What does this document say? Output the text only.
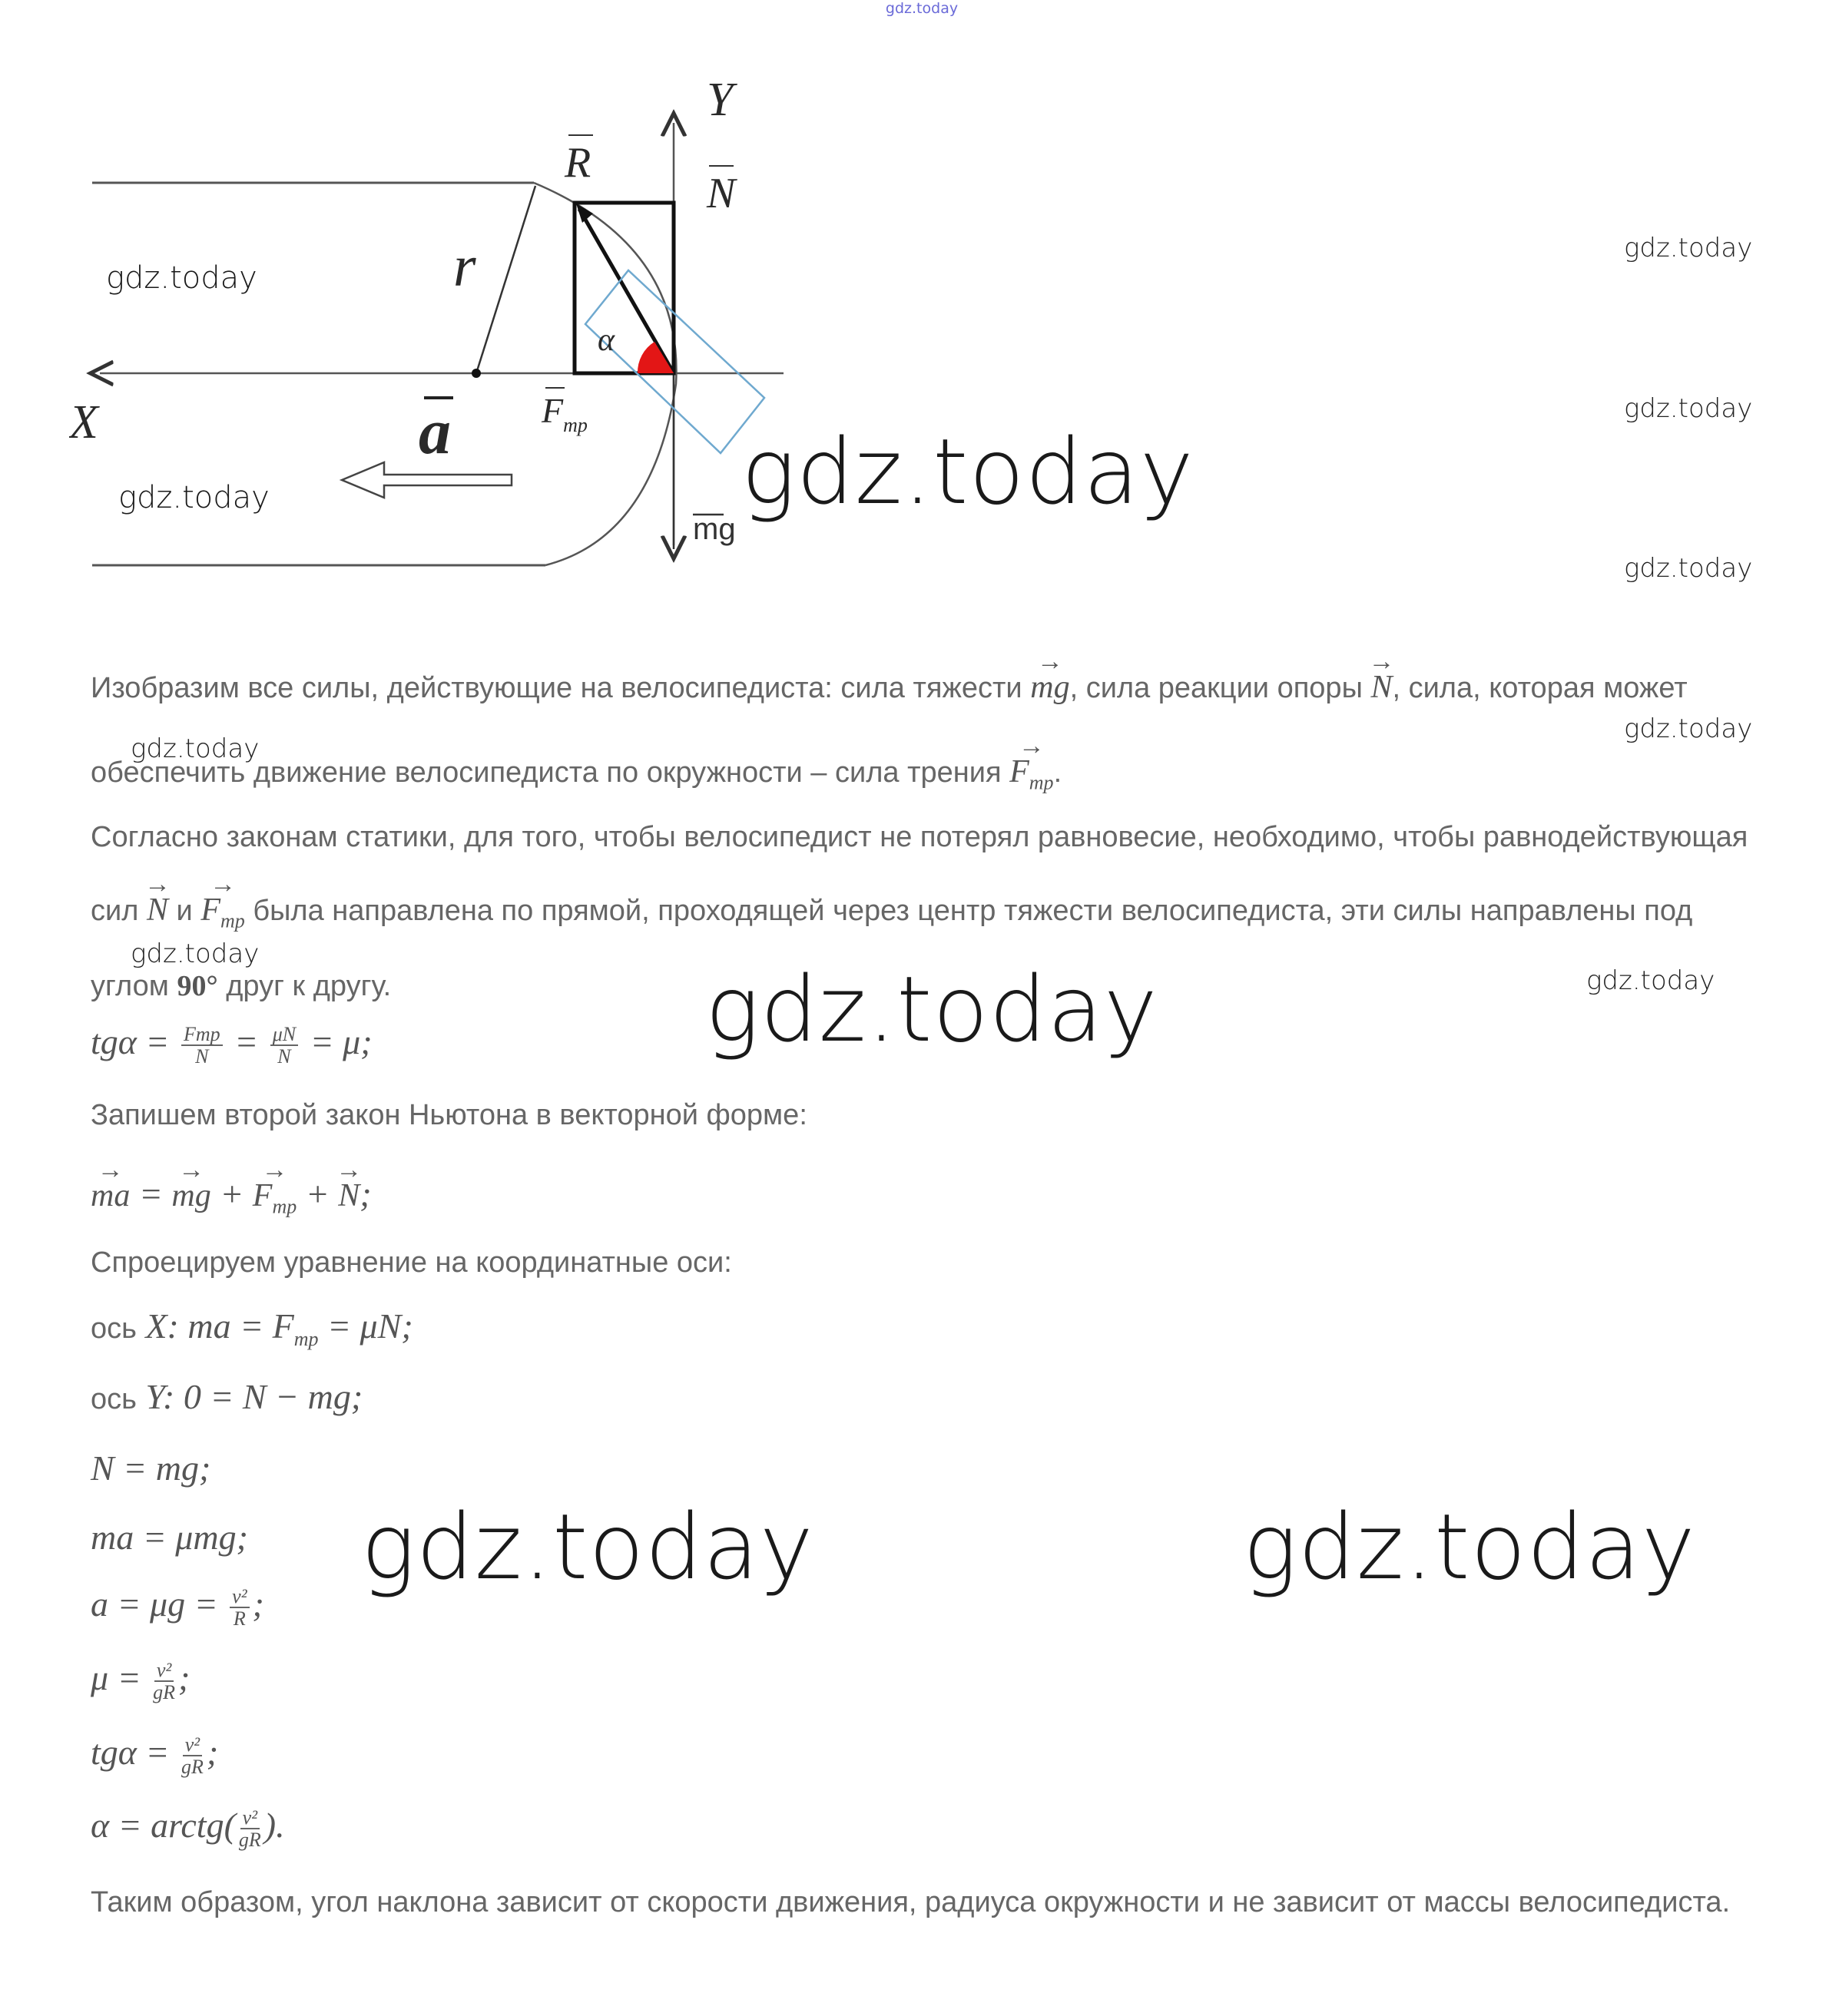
gdz.today
Y
X
R
N
r
α
a	$F_{тр}$
mg
gdz.today
gdz.today
gdz.today
gdz.today
gdz.today
gdz.today
gdz.today
gdz.today
gdz.today
gdz.today
gdz.today
gdz.today	gdz.today
Изобразим все силы, действующие на велосипедиста: сила тяжести → mg, сила реакции опоры → N, сила, которая может
обеспечить движение велосипедиста по окружности – сила трения → $F_{тр}$.
Согласно законам статики, для того, чтобы велосипедист не потерял равновесие, необходимо, чтобы равнодействующая
сил → N $и \to F_{тр}$ была направлена по прямой, проходящей через центр тяжести велосипедиста, эти силы направлены под
углом 90° друг к другу.
$tg\alpha = \frac{\text{Fтр}}{N} = \frac{\mu N}{N} = \mu$;
Запишем второй закон Ньютона в векторной форме:
→ ma = → mg + → $F_{тр}$ + → N;
Спроецируем уравнение на координатные оси:
ось X: ma = $F_{тр} = \mu N$;
ось Y: 0 = N − mg;
N = mg;
ma = μmg;
$a = \mu g = \frac{\text{v²}}{R}$ ;
$\mu = \frac{\text{v²}}{gR}$ ;
$tg\alpha = \frac{\text{v²}}{gR}$ ;
α = arctg( $\frac{\text{v²}}{gR}$ ).
Таким образом, угол наклона зависит от скорости движения, радиуса окружности и не зависит от массы велосипедиста.
